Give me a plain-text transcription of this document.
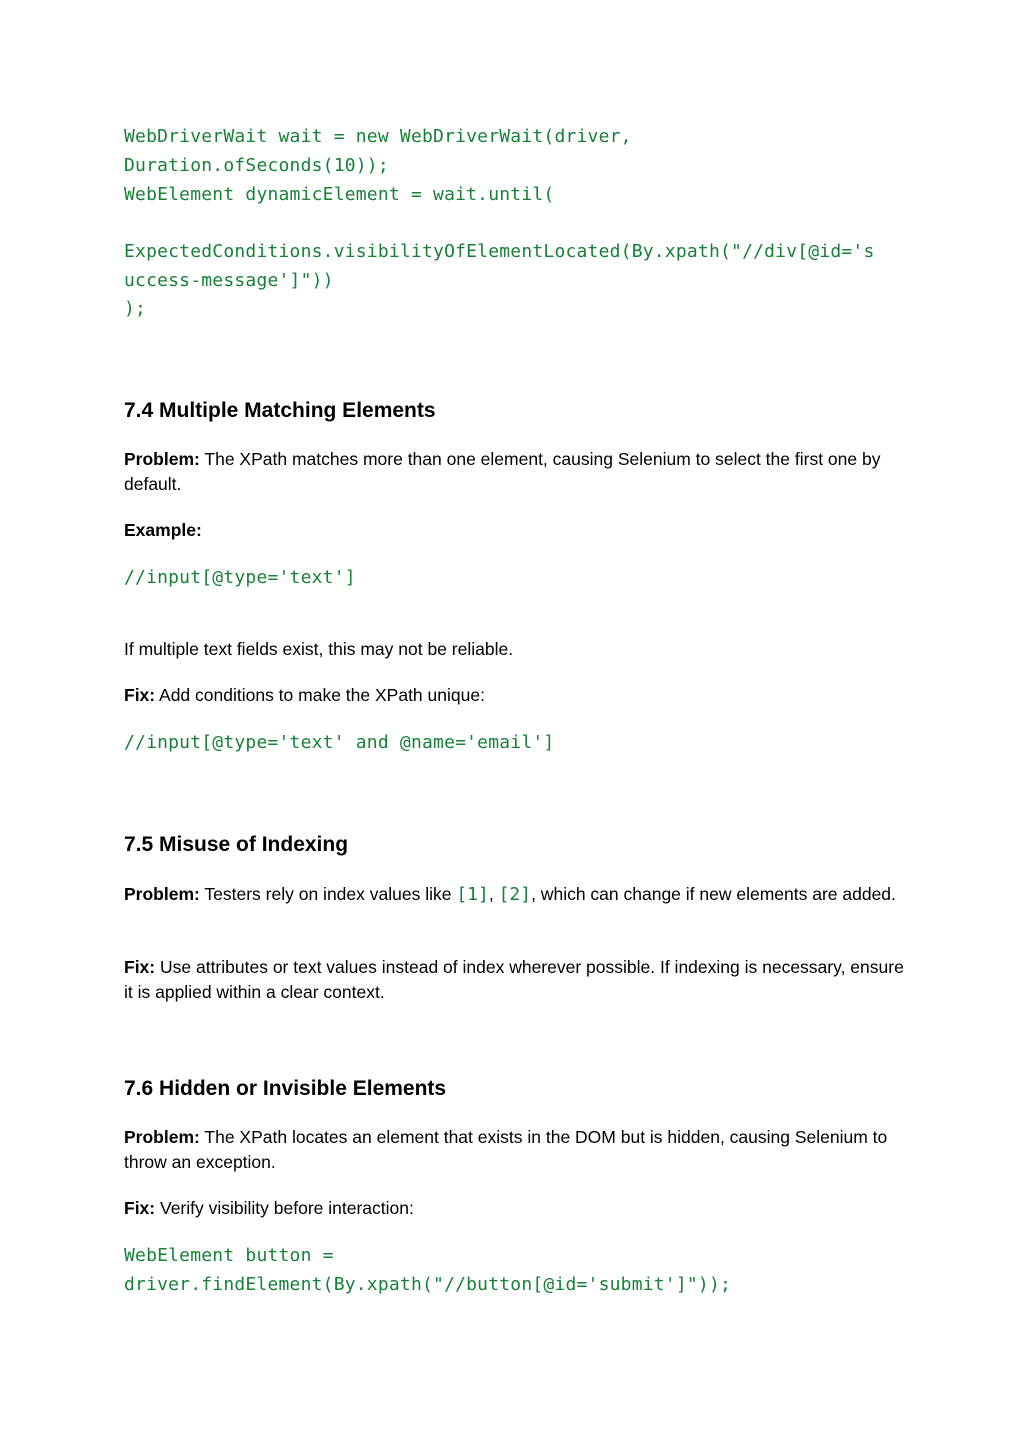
WebDriverWait wait = new WebDriverWait(driver,
Duration.ofSeconds(10));
WebElement dynamicElement = wait.until(
ExpectedConditions.visibilityOfElementLocated(By.xpath("//div[@id='s
uccess-message']"))
);
7.4 Multiple Matching Elements

Problem: The XPath matches more than one element, causing Selenium to select the first one by default.

Example:

//input[@type='text']

If multiple text fields exist, this may not be reliable.

Fix: Add conditions to make the XPath unique:

//input[@type='text' and @name='email']
7.5 Misuse of Indexing

Problem: Testers rely on index values like [1], [2], which can change if new elements are added.

Fix: Use attributes or text values instead of index wherever possible. If indexing is necessary, ensure it is applied within a clear context.

7.6 Hidden or Invisible Elements

Problem: The XPath locates an element that exists in the DOM but is hidden, causing Selenium to throw an exception.

Fix: Verify visibility before interaction:

WebElement button =
driver.findElement(By.xpath("//button[@id='submit']"));
